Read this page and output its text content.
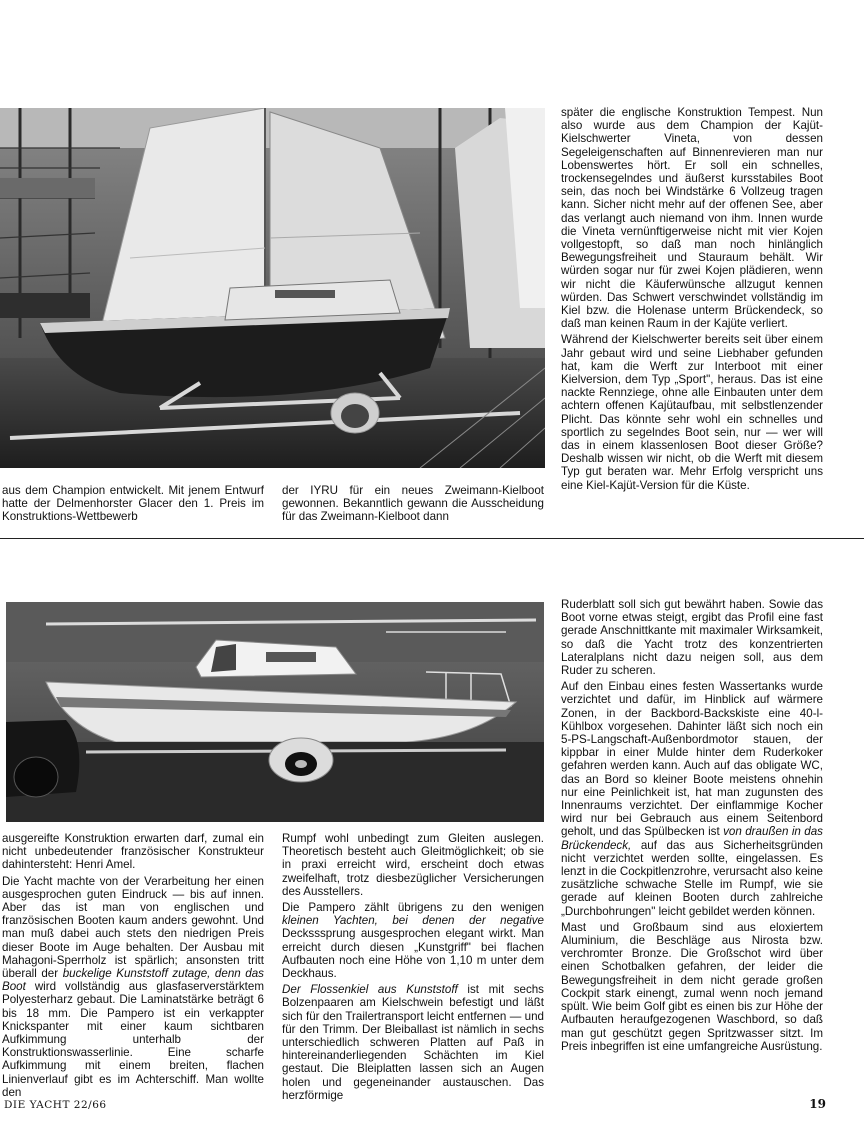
aus dem Champion entwickelt. Mit jenem Entwurf hatte der Delmenhorster Glacer den 1. Preis im Konstruktions-Wettbewerb

der IYRU für ein neues Zweimann-Kielboot gewonnen. Bekanntlich gewann die Ausscheidung für das Zweimann-Kielboot dann

später die englische Konstruktion Tempest. Nun also wurde aus dem Champion der Kajüt-Kielschwerter Vineta, von dessen Segeleigenschaften auf Binnenrevieren man nur Lobenswertes hört. Er soll ein schnelles, trockensegelndes und äußerst kursstabiles Boot sein, das noch bei Windstärke 6 Vollzeug tragen kann. Sicher nicht mehr auf der offenen See, aber das verlangt auch niemand von ihm. Innen wurde die Vineta vernünftigerweise nicht mit vier Kojen vollgestopft, so daß man noch hinlänglich Bewegungsfreiheit und Stauraum behält. Wir würden sogar nur für zwei Kojen plädieren, wenn wir nicht die Käuferwünsche allzugut kennen würden. Das Schwert verschwindet vollständig im Kiel bzw. die Holenase unterm Brückendeck, so daß man keinen Raum in der Kajüte verliert.

Während der Kielschwerter bereits seit über einem Jahr gebaut wird und seine Liebhaber gefunden hat, kam die Werft zur Interboot mit einer Kielversion, dem Typ „Sport", heraus. Das ist eine nackte Rennziege, ohne alle Einbauten unter dem achtern offenen Kajütaufbau, mit selbstlenzender Plicht. Das könnte sehr wohl ein schnelles und sportlich zu segelndes Boot sein, nur — wer will das in einem klassenlosen Boot dieser Größe? Deshalb wissen wir nicht, ob die Werft mit diesem Typ gut beraten war. Mehr Erfolg verspricht uns eine Kiel-Kajüt-Version für die Küste.

ausgereifte Konstruktion erwarten darf, zumal ein nicht unbedeutender französischer Konstrukteur dahintersteht: Henri Amel.

Die Yacht machte von der Verarbeitung her einen ausgesprochen guten Eindruck — bis auf innen. Aber das ist man von englischen und französischen Booten kaum anders gewohnt. Und man muß dabei auch stets den niedrigen Preis dieser Boote im Auge behalten. Der Ausbau mit Mahagoni-Sperrholz ist spärlich; ansonsten tritt überall der buckelige Kunststoff zutage, denn das Boot wird vollständig aus glasfaserverstärktem Polyesterharz gebaut. Die Laminatstärke beträgt 6 bis 18 mm. Die Pampero ist ein verkappter Knickspanter mit einer kaum sichtbaren Aufkimmung unterhalb der Konstruktionswasserlinie. Eine scharfe Aufkimmung mit einem breiten, flachen Linienverlauf gibt es im Achterschiff. Man wollte den

Rumpf wohl unbedingt zum Gleiten auslegen. Theoretisch besteht auch Gleitmöglichkeit; ob sie in praxi erreicht wird, erscheint doch etwas zweifelhaft, trotz diesbezüglicher Versicherungen des Ausstellers.

Die Pampero zählt übrigens zu den wenigen kleinen Yachten, bei denen der negative Decksssprung ausgesprochen elegant wirkt. Man erreicht durch diesen „Kunstgriff" bei flachen Aufbauten noch eine Höhe von 1,10 m unter dem Deckhaus.

Der Flossenkiel aus Kunststoff ist mit sechs Bolzenpaaren am Kielschwein befestigt und läßt sich für den Trailertransport leicht entfernen — und für den Trimm. Der Bleiballast ist nämlich in sechs unterschiedlich schweren Platten auf Paß in hintereinanderliegenden Schächten im Kiel gestaut. Die Bleiplatten lassen sich an Augen holen und gegeneinander austauschen. Das herzförmige

Ruderblatt soll sich gut bewährt haben. Sowie das Boot vorne etwas steigt, ergibt das Profil eine fast gerade Anschnittkante mit maximaler Wirksamkeit, so daß die Yacht trotz des konzentrierten Lateralplans nicht dazu neigen soll, aus dem Ruder zu scheren.

Auf den Einbau eines festen Wassertanks wurde verzichtet und dafür, im Hinblick auf wärmere Zonen, in der Backbord-Backskiste eine 40-l-Kühlbox vorgesehen. Dahinter läßt sich noch ein 5-PS-Langschaft-Außenbordmotor stauen, der kippbar in einer Mulde hinter dem Ruderkoker gefahren werden kann. Auch auf das obligate WC, das an Bord so kleiner Boote meistens ohnehin nur eine Peinlichkeit ist, hat man zugunsten des Innenraums verzichtet. Der einflammige Kocher wird nur bei Gebrauch aus einem Seitenbord geholt, und das Spülbecken ist von draußen in das Brückendeck, auf das aus Sicherheitsgründen nicht verzichtet werden sollte, eingelassen. Es lenzt in die Cockpitlenzrohre, verursacht also keine zusätzliche schwache Stelle im Rumpf, wie sie gerade auf kleinen Booten durch zahlreiche „Durchbohrungen" leicht gebildet werden können.

Mast und Großbaum sind aus eloxiertem Aluminium, die Beschläge aus Nirosta bzw. verchromter Bronze. Die Großschot wird über einen Schotbalken gefahren, der leider die Bewegungsfreiheit in dem nicht gerade großen Cockpit stark einengt, zumal wenn noch jemand spült. Wie beim Golf gibt es einen bis zur Höhe der Aufbauten heraufgezogenen Waschbord, so daß man gut geschützt gegen Spritzwasser sitzt. Im Preis inbegriffen ist eine umfangreiche Ausrüstung.

DIE YACHT 22/66	19
